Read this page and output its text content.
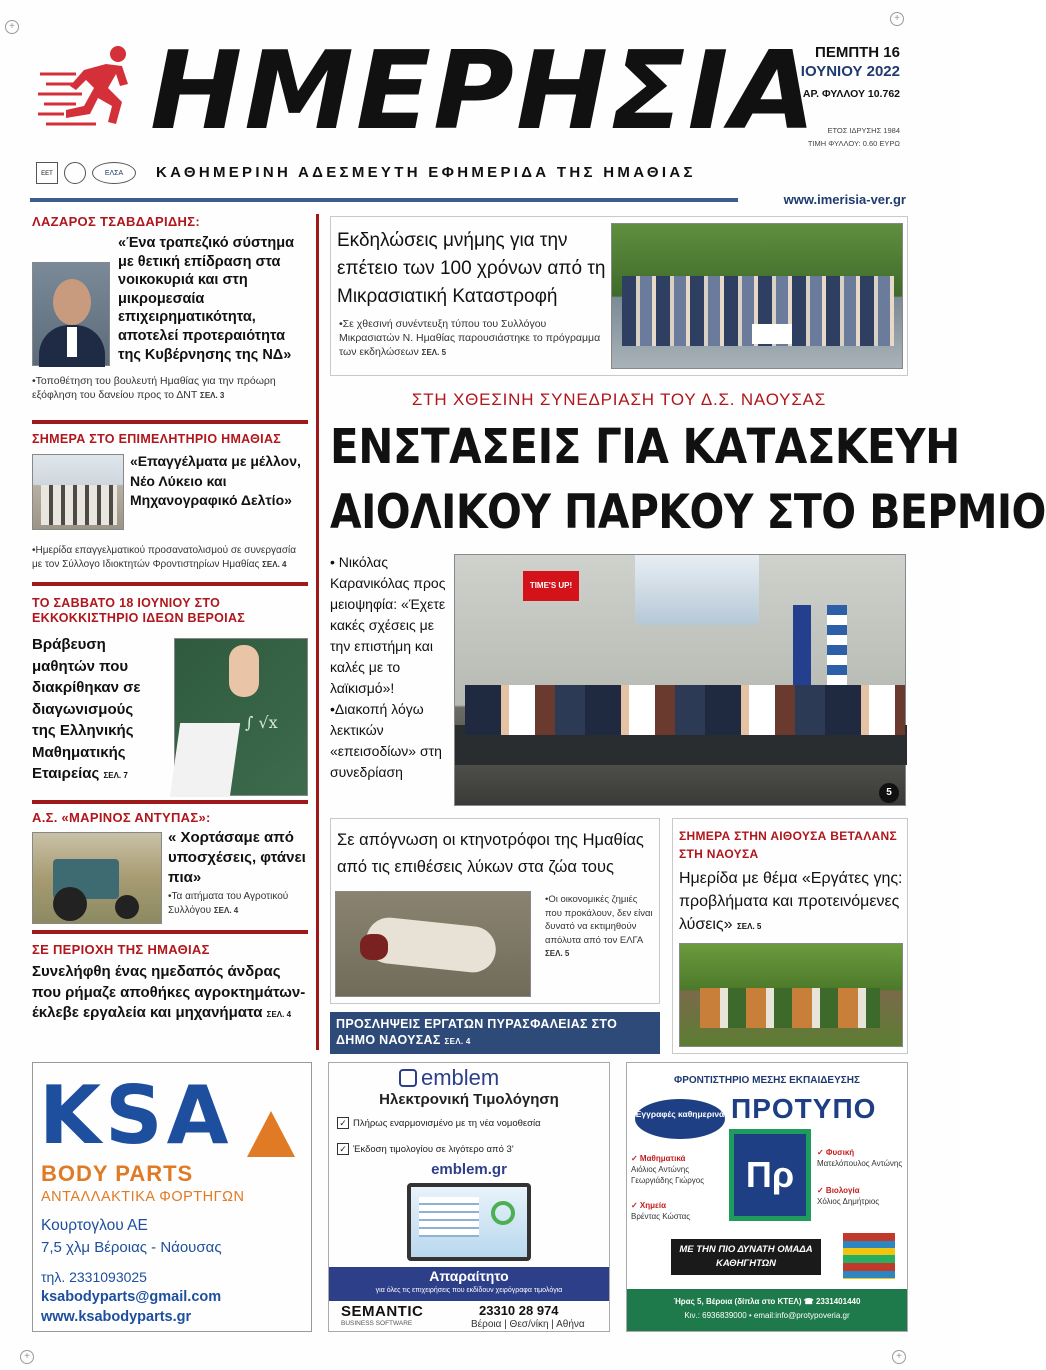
+
+
+	+
ΗΜΕΡΗΣΙΑ
ΕΕΤ	ΕΛΣΑ	ΚΑΘΗΜΕΡΙΝΗ ΑΔΕΣΜΕΥΤΗ ΕΦΗΜΕΡΙΔΑ ΤΗΣ ΗΜΑΘΙΑΣ
ΠΕΜΠΤΗ 16
ΙΟΥΝΙΟΥ 2022
ΑΡ. ΦΥΛΛΟΥ 10.762
ΕΤΟΣ ΙΔΡΥΣΗΣ 1984
ΤΙΜΗ ΦΥΛΛΟΥ: 0.60 ΕΥΡΩ
www.imerisia-ver.gr
ΛΑΖΑΡΟΣ ΤΣΑΒΔΑΡΙΔΗΣ:
«Ένα τραπεζικό σύστημα με θετική επίδραση στα νοικοκυριά και στη μικρομεσαία επιχειρηματικότητα, αποτελεί προτεραιότητα της Κυβέρνησης της ΝΔ»
•Τοποθέτηση του βουλευτή Ημαθίας για την πρόωρη εξόφληση του δανείου προς το ΔΝΤ ΣΕΛ. 3
ΣΗΜΕΡΑ ΣΤΟ ΕΠΙΜΕΛΗΤΗΡΙΟ ΗΜΑΘΙΑΣ
«Επαγγέλματα με μέλλον, Νέο Λύκειο και Μηχανογραφικό Δελτίο»
•Ημερίδα επαγγελματικού προσανατολισμού σε συνεργασία με τον Σύλλογο Ιδιοκτητών Φροντιστηρίων Ημαθίας ΣΕΛ. 4
ΤΟ ΣΑΒΒΑΤΟ 18 ΙΟΥΝΙΟΥ ΣΤΟ ΕΚΚΟΚΚΙΣΤΗΡΙΟ ΙΔΕΩΝ ΒΕΡΟΙΑΣ
Βράβευση μαθητών που διακρίθηκαν σε διαγωνισμούς της Ελληνικής Μαθηματικής Εταιρείας ΣΕΛ. 7
∫ √x
Α.Σ. «ΜΑΡΙΝΟΣ ΑΝΤΥΠΑΣ»:
« Χορτάσαμε από υποσχέσεις, φτάνει πια»
•Τα αιτήματα του Αγροτικού Συλλόγου ΣΕΛ. 4
ΣΕ ΠΕΡΙΟΧΗ ΤΗΣ ΗΜΑΘΙΑΣ
Συνελήφθη ένας ημεδαπός άνδρας που ρήμαζε αποθήκες αγροκτημάτων- έκλεβε εργαλεία και μηχανήματα ΣΕΛ. 4
Εκδηλώσεις μνήμης για την επέτειο των 100 χρόνων από τη Μικρασιατική Καταστροφή
•Σε χθεσινή συνέντευξη τύπου του Συλλόγου Μικρασιατών Ν. Ημαθίας παρουσιάστηκε το πρόγραμμα των εκδηλώσεων ΣΕΛ. 5
ΣΤΗ ΧΘΕΣΙΝΗ ΣΥΝΕΔΡΙΑΣΗ ΤΟΥ Δ.Σ. ΝΑΟΥΣΑΣ
ΕΝΣΤΑΣΕΙΣ ΓΙΑ ΚΑΤΑΣΚΕΥΗ
ΑΙΟΛΙΚΟΥ ΠΑΡΚΟΥ ΣΤΟ ΒΕΡΜΙΟ
• Νικόλας Καρανικόλας προς μειοψηφία: «Έχετε κακές σχέσεις με την επιστήμη και καλές με το λαϊκισμό»!
•Διακοπή λόγω λεκτικών «επεισοδίων» στη συνεδρίαση
TIME'S UP!
5
Σε απόγνωση οι κτηνοτρόφοι της Ημαθίας από τις επιθέσεις λύκων στα ζώα τους
•Οι οικονομικές ζημιές που προκάλουν, δεν είναι δυνατό να εκτιμηθούν απόλυτα από τον ΕΛΓΑ ΣΕΛ. 5
ΠΡΟΣΛΗΨΕΙΣ ΕΡΓΑΤΩΝ ΠΥΡΑΣΦΑΛΕΙΑΣ ΣΤΟ ΔΗΜΟ ΝΑΟΥΣΑΣ ΣΕΛ. 4
ΣΗΜΕΡΑ ΣΤΗΝ ΑΙΘΟΥΣΑ ΒΕΤΑΛΑΝΣ ΣΤΗ ΝΑΟΥΣΑ
Ημερίδα με θέμα «Εργάτες γης: προβλήματα και προτεινόμενες λύσεις» ΣΕΛ. 5
KSA
BODY PARTS
ΑΝΤΑΛΛΑΚΤΙΚΑ ΦΟΡΤΗΓΩΝ
Κουρτογλου ΑΕ
7,5 χλμ Βέροιας - Νάουσας
τηλ. 2331093025
ksabodyparts@gmail.com
www.ksabodyparts.gr
emblem
Ηλεκτρονική Τιμολόγηση
✓ Πλήρως εναρμονισμένο με τη νέα νομοθεσία
✓ Έκδοση τιμολογίου σε λιγότερο από 3'
emblem.gr
Απαραίτητο
για όλες τις επιχειρήσεις που εκδίδουν χειρόγραφα τιμολόγια
SEMANTIC
BUSINESS SOFTWARE
23310 28 974
Βέροια | Θεσ/νίκη | Αθήνα
ΦΡΟΝΤΙΣΤΗΡΙΟ ΜΕΣΗΣ ΕΚΠΑΙΔΕΥΣΗΣ
Εγγραφές καθημερινά ΠΡΟΤΥΠΟ
Πρ
✓ Μαθηματικά
Αιόλιος Αντώνης
Γεωργιάδης Γιώργος
✓ Χημεία
Βρέντας Κώστας
✓ Φυσική
Ματελόπουλος Αντώνης
✓ Βιολογία
Χόλιος Δημήτριος
ΜΕ ΤΗΝ ΠΙΟ ΔΥΝΑΤΗ ΟΜΑΔΑ ΚΑΘΗΓΗΤΩΝ
Ήρας 5, Βέροια (δίπλα στο ΚΤΕΛ) ☎ 2331401440
Κιν.: 6936839000 • email:info@protypoveria.gr
